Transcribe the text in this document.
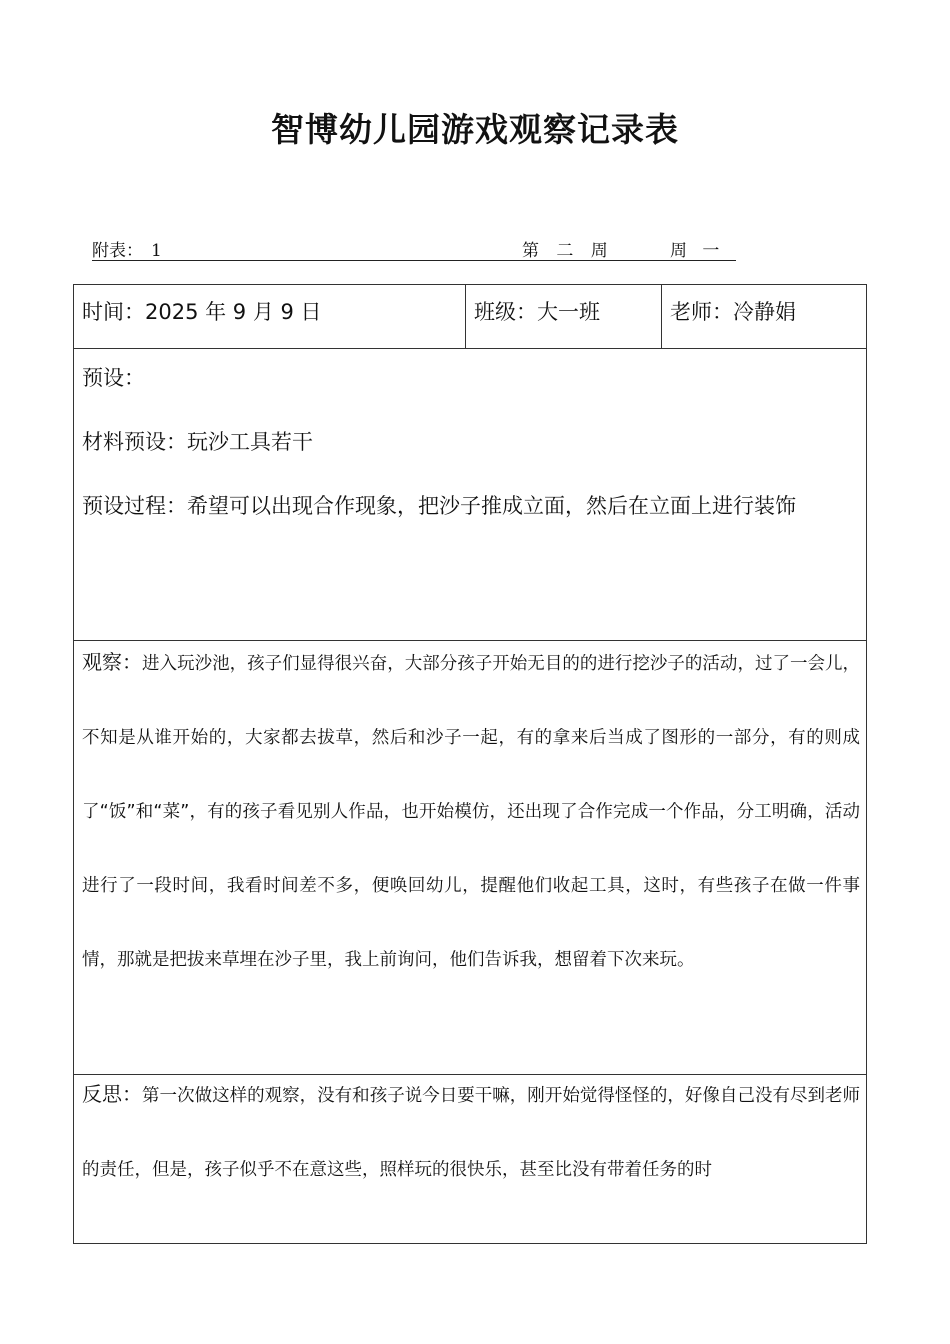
智博幼儿园游戏观察记录表
附表： 1	第 二 周	周 一
时间：2025 年 9 月 9 日	班级：大一班	老师：冷静娟

预设：

材料预设：玩沙工具若干

预设过程：希望可以出现合作现象，把沙子推成立面，然后在立面上进行装饰

观察：进入玩沙池，孩子们显得很兴奋，大部分孩子开始无目的的进行挖沙子的活动，过了一会儿，不知是从谁开始的，大家都去拔草，然后和沙子一起，有的拿来后当成了图形的一部分，有的则成了“饭”和“菜”，有的孩子看见别人作品，也开始模仿，还出现了合作完成一个作品，分工明确，活动进行了一段时间，我看时间差不多，便唤回幼儿，提醒他们收起工具，这时，有些孩子在做一件事情，那就是把拔来草埋在沙子里，我上前询问，他们告诉我，想留着下次来玩。

反思：第一次做这样的观察，没有和孩子说今日要干嘛，刚开始觉得怪怪的，好像自己没有尽到老师的责任，但是，孩子似乎不在意这些，照样玩的很快乐，甚至比没有带着任务的时
